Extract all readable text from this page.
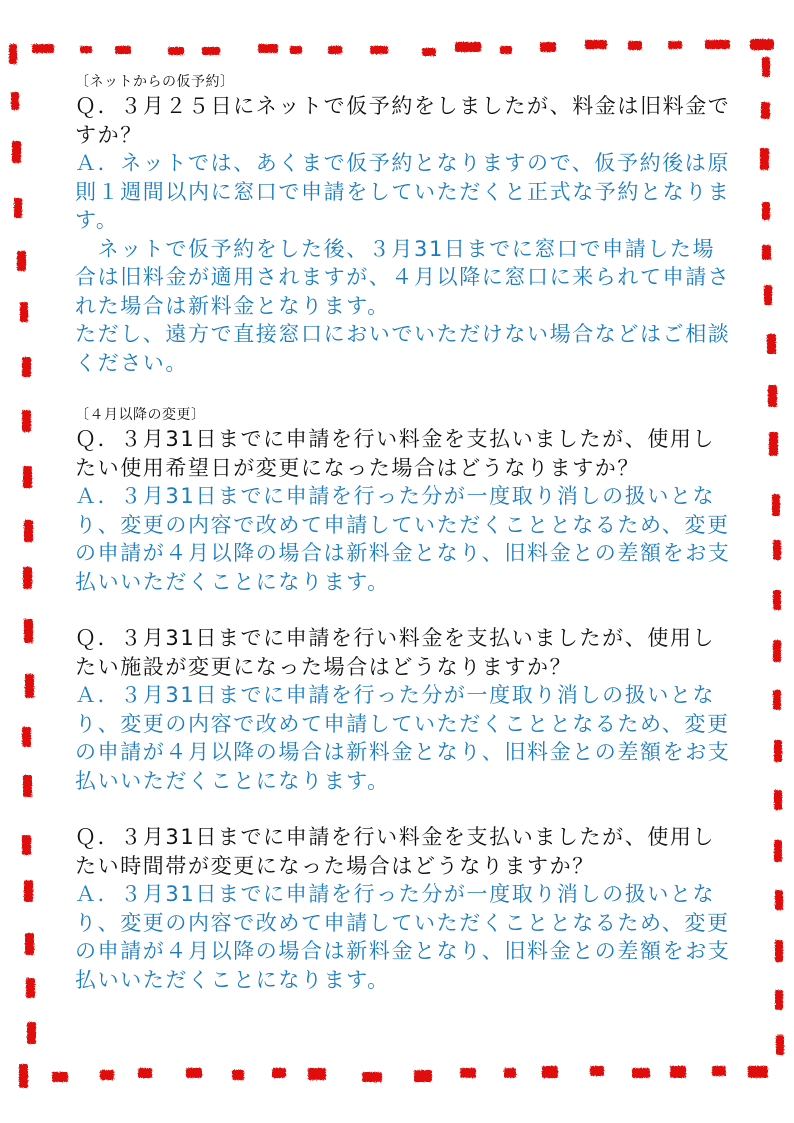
〔ネットからの仮予約〕

Ｑ．３月２５日にネットで仮予約をしましたが、料金は旧料金ですか？

Ａ．ネットでは、あくまで仮予約となりますので、仮予約後は原則１週間以内に窓口で申請をしていただくと正式な予約となります。

　ネットで仮予約をした後、３月31日までに窓口で申請した場合は旧料金が適用されますが、４月以降に窓口に来られて申請された場合は新料金となります。

ただし、遠方で直接窓口においでいただけない場合などはご相談ください。

〔４月以降の変更〕

Ｑ．３月31日までに申請を行い料金を支払いましたが、使用したい使用希望日が変更になった場合はどうなりますか？

Ａ．３月31日までに申請を行った分が一度取り消しの扱いとなり、変更の内容で改めて申請していただくこととなるため、変更の申請が４月以降の場合は新料金となり、旧料金との差額をお支払いいただくことになります。

Ｑ．３月31日までに申請を行い料金を支払いましたが、使用したい施設が変更になった場合はどうなりますか？

Ａ．３月31日までに申請を行った分が一度取り消しの扱いとなり、変更の内容で改めて申請していただくこととなるため、変更の申請が４月以降の場合は新料金となり、旧料金との差額をお支払いいただくことになります。

Ｑ．３月31日までに申請を行い料金を支払いましたが、使用したい時間帯が変更になった場合はどうなりますか？

Ａ．３月31日までに申請を行った分が一度取り消しの扱いとなり、変更の内容で改めて申請していただくこととなるため、変更の申請が４月以降の場合は新料金となり、旧料金との差額をお支払いいただくことになります。
